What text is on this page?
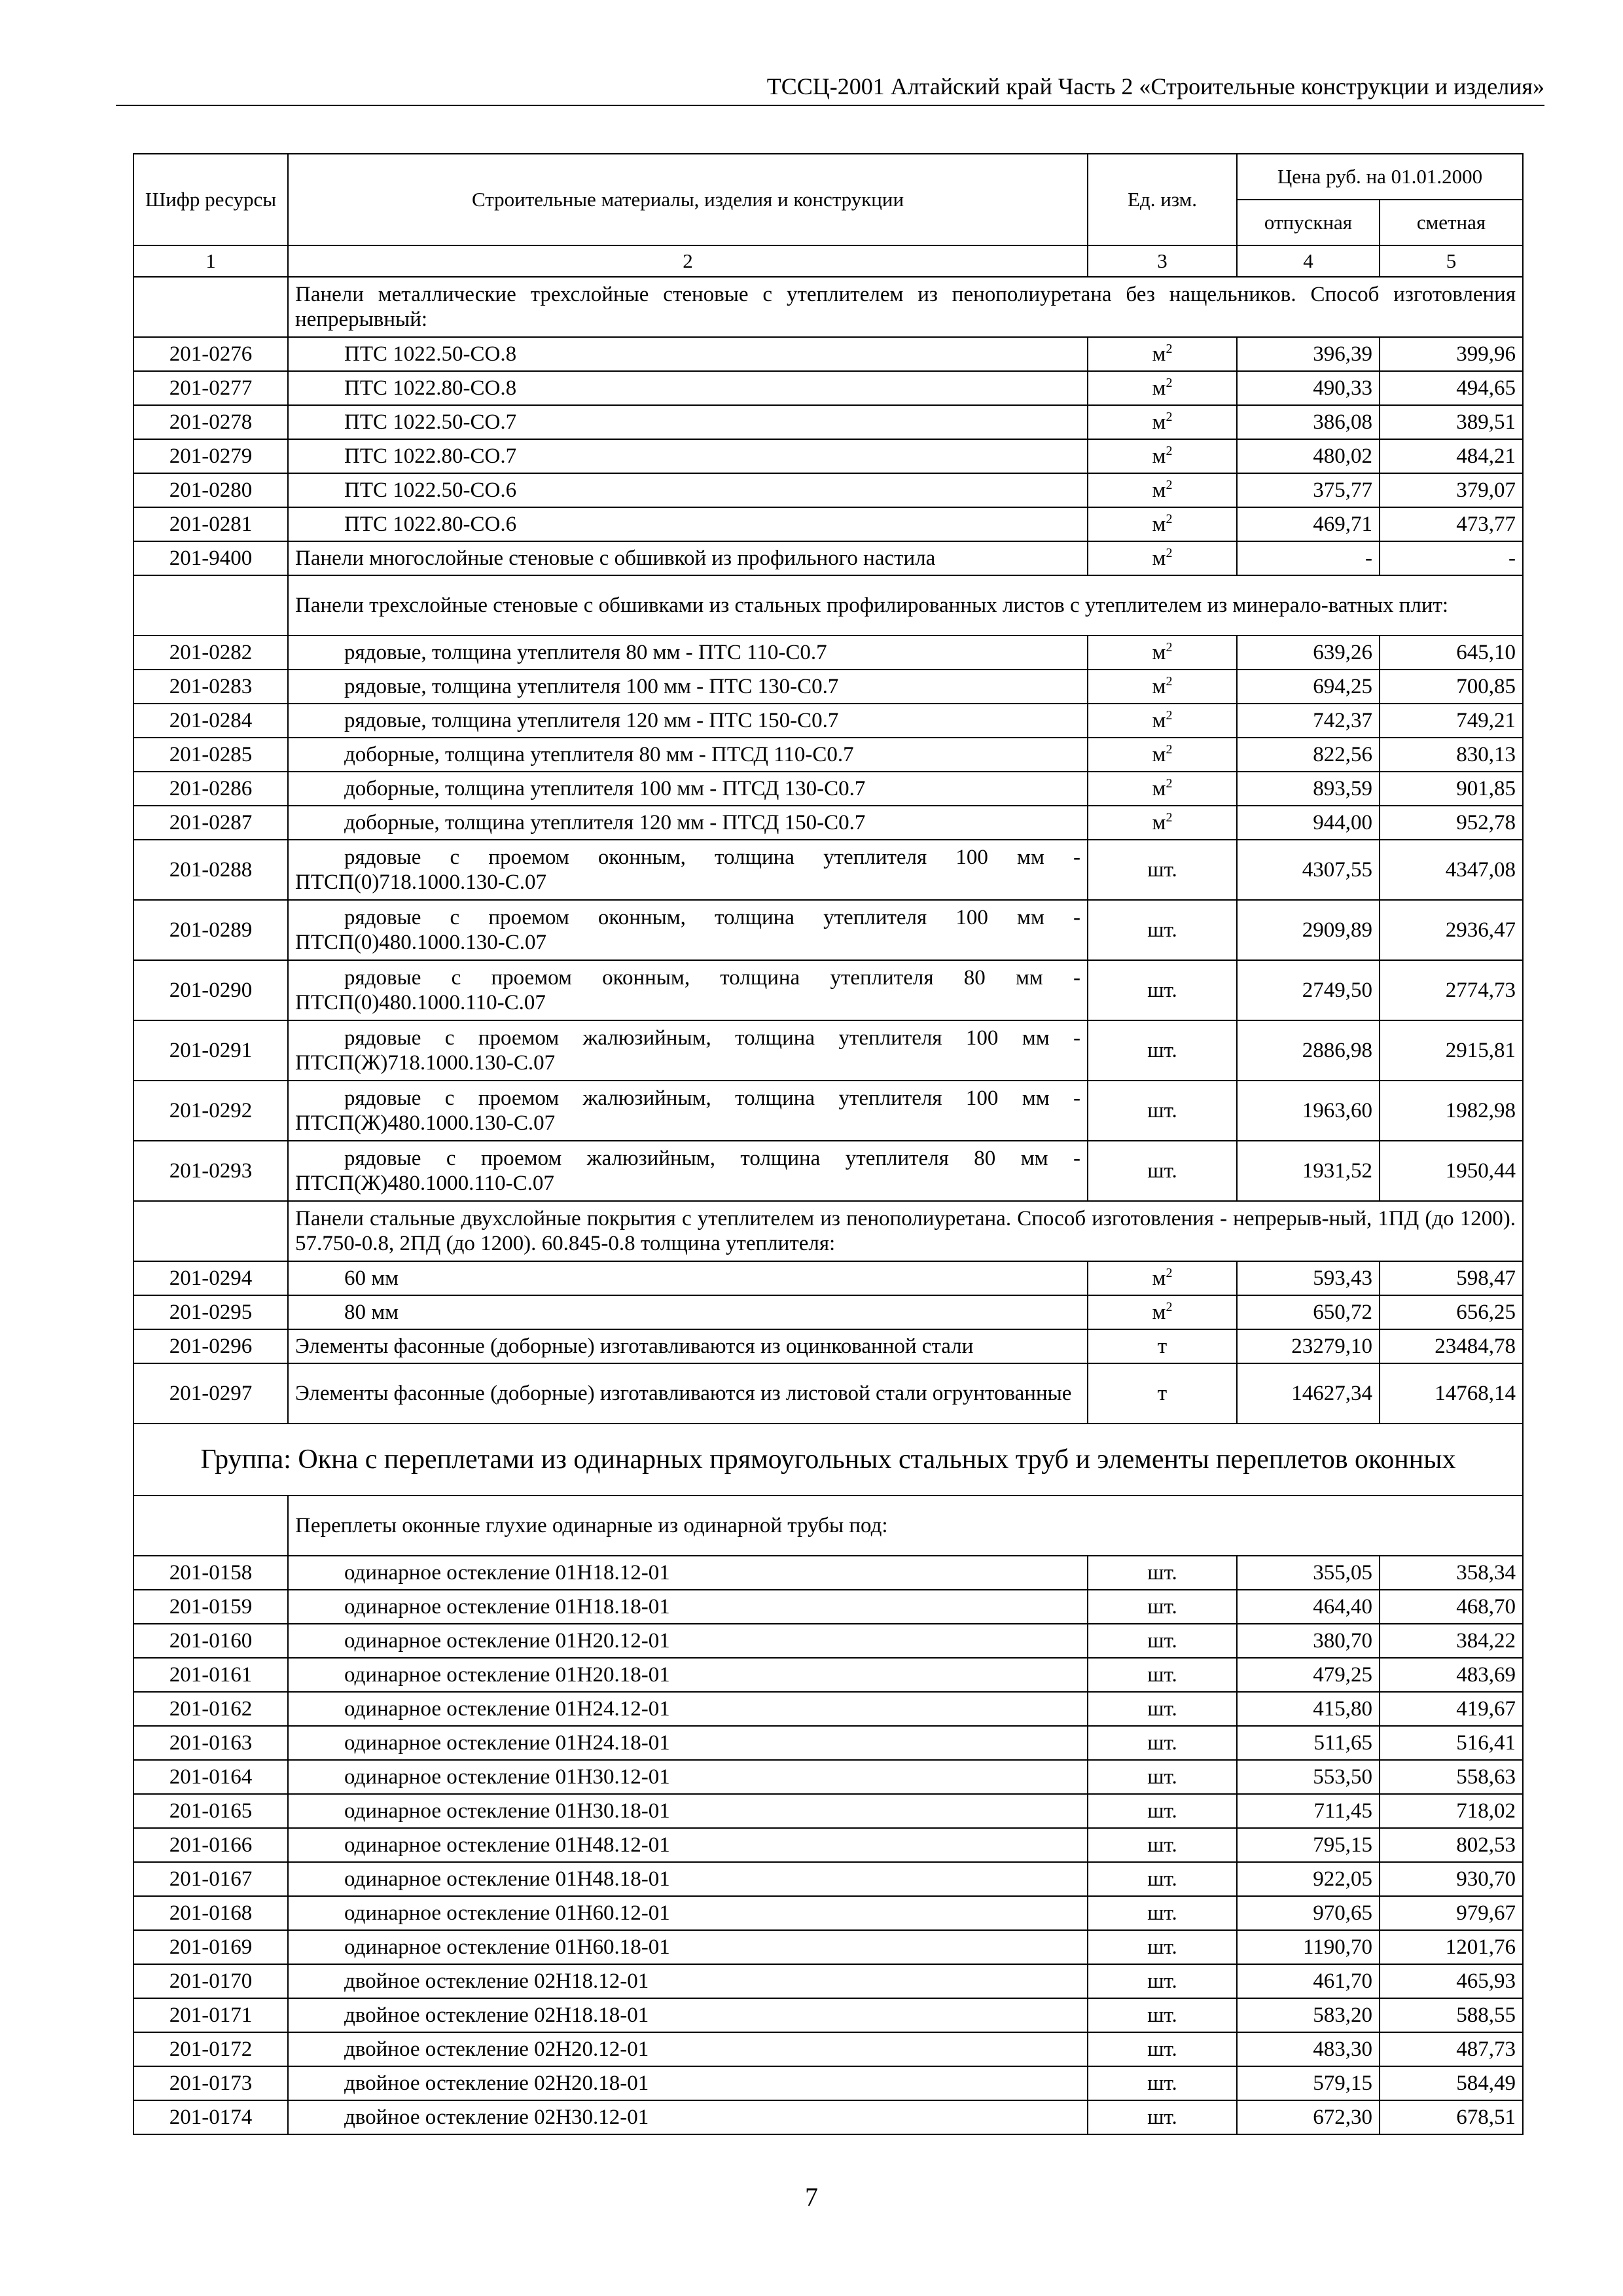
ТССЦ-2001 Алтайский край Часть 2 «Строительные конструкции и изделия»
Шифр ресурсы	Строительные материалы, изделия и конструкции	Ед. изм.	Цена руб. на 01.01.2000	
			отпускная	сметная
1	2	3	4	5
	Панели металлические трехслойные стеновые с утеплителем из пенополиуретана без нащельников. Способ изготовления непрерывный:			
201-0276	ПТС 1022.50-СО.8	$м^2$	396,39	399,96
201-0277	ПТС 1022.80-СО.8	$м^2$	490,33	494,65
201-0278	ПТС 1022.50-СО.7	$м^2$	386,08	389,51
201-0279	ПТС 1022.80-СО.7	$м^2$	480,02	484,21
201-0280	ПТС 1022.50-СО.6	$м^2$	375,77	379,07
201-0281	ПТС 1022.80-СО.6	$м^2$	469,71	473,77
201-9400	Панели многослойные стеновые с обшивкой из профильного настила	$м^2$	-	-
	Панели трехслойные стеновые с обшивками из стальных профилированных листов с утеплителем из минерало-ватных плит:			
201-0282	рядовые, толщина утеплителя 80 мм - ПТС 110-С0.7	$м^2$	639,26	645,10
201-0283	рядовые, толщина утеплителя 100 мм - ПТС 130-С0.7	$м^2$	694,25	700,85
201-0284	рядовые, толщина утеплителя 120 мм - ПТС 150-С0.7	$м^2$	742,37	749,21
201-0285	доборные, толщина утеплителя 80 мм - ПТСД 110-С0.7	$м^2$	822,56	830,13
201-0286	доборные, толщина утеплителя 100 мм - ПТСД 130-С0.7	$м^2$	893,59	901,85
201-0287	доборные, толщина утеплителя 120 мм - ПТСД 150-С0.7	$м^2$	944,00	952,78
201-0288	рядовые с проемом оконным, толщина утеплителя 100 мм - ПТСП(0)718.1000.130-С.07	шт.	4307,55	4347,08
201-0289	рядовые с проемом оконным, толщина утеплителя 100 мм - ПТСП(0)480.1000.130-С.07	шт.	2909,89	2936,47
201-0290	рядовые с проемом оконным, толщина утеплителя 80 мм - ПТСП(0)480.1000.110-С.07	шт.	2749,50	2774,73
201-0291	рядовые с проемом жалюзийным, толщина утеплителя 100 мм - ПТСП(Ж)718.1000.130-С.07	шт.	2886,98	2915,81
201-0292	рядовые с проемом жалюзийным, толщина утеплителя 100 мм - ПТСП(Ж)480.1000.130-С.07	шт.	1963,60	1982,98
201-0293	рядовые с проемом жалюзийным, толщина утеплителя 80 мм - ПТСП(Ж)480.1000.110-С.07	шт.	1931,52	1950,44
	Панели стальные двухслойные покрытия с утеплителем из пенополиуретана. Способ изготовления - непрерыв-ный, 1ПД (до 1200). 57.750-0.8, 2ПД (до 1200). 60.845-0.8 толщина утеплителя:			
201-0294	60 мм	$м^2$	593,43	598,47
201-0295	80 мм	$м^2$	650,72	656,25
201-0296	Элементы фасонные (доборные) изготавливаются из оцинкованной стали	т	23279,10	23484,78
201-0297	Элементы фасонные (доборные) изготавливаются из листовой стали огрунтованные	т	14627,34	14768,14
Группа: Окна с переплетами из одинарных прямоугольных стальных труб и элементы переплетов оконных				
	Переплеты оконные глухие одинарные из одинарной трубы под:			
201-0158	одинарное остекление 01Н18.12-01	шт.	355,05	358,34
201-0159	одинарное остекление 01Н18.18-01	шт.	464,40	468,70
201-0160	одинарное остекление 01Н20.12-01	шт.	380,70	384,22
201-0161	одинарное остекление 01Н20.18-01	шт.	479,25	483,69
201-0162	одинарное остекление 01Н24.12-01	шт.	415,80	419,67
201-0163	одинарное остекление 01Н24.18-01	шт.	511,65	516,41
201-0164	одинарное остекление 01Н30.12-01	шт.	553,50	558,63
201-0165	одинарное остекление 01Н30.18-01	шт.	711,45	718,02
201-0166	одинарное остекление 01Н48.12-01	шт.	795,15	802,53
201-0167	одинарное остекление 01Н48.18-01	шт.	922,05	930,70
201-0168	одинарное остекление 01Н60.12-01	шт.	970,65	979,67
201-0169	одинарное остекление 01Н60.18-01	шт.	1190,70	1201,76
201-0170	двойное остекление 02Н18.12-01	шт.	461,70	465,93
201-0171	двойное остекление 02Н18.18-01	шт.	583,20	588,55
201-0172	двойное остекление 02Н20.12-01	шт.	483,30	487,73
201-0173	двойное остекление 02Н20.18-01	шт.	579,15	584,49
201-0174	двойное остекление 02Н30.12-01	шт.	672,30	678,51
7
